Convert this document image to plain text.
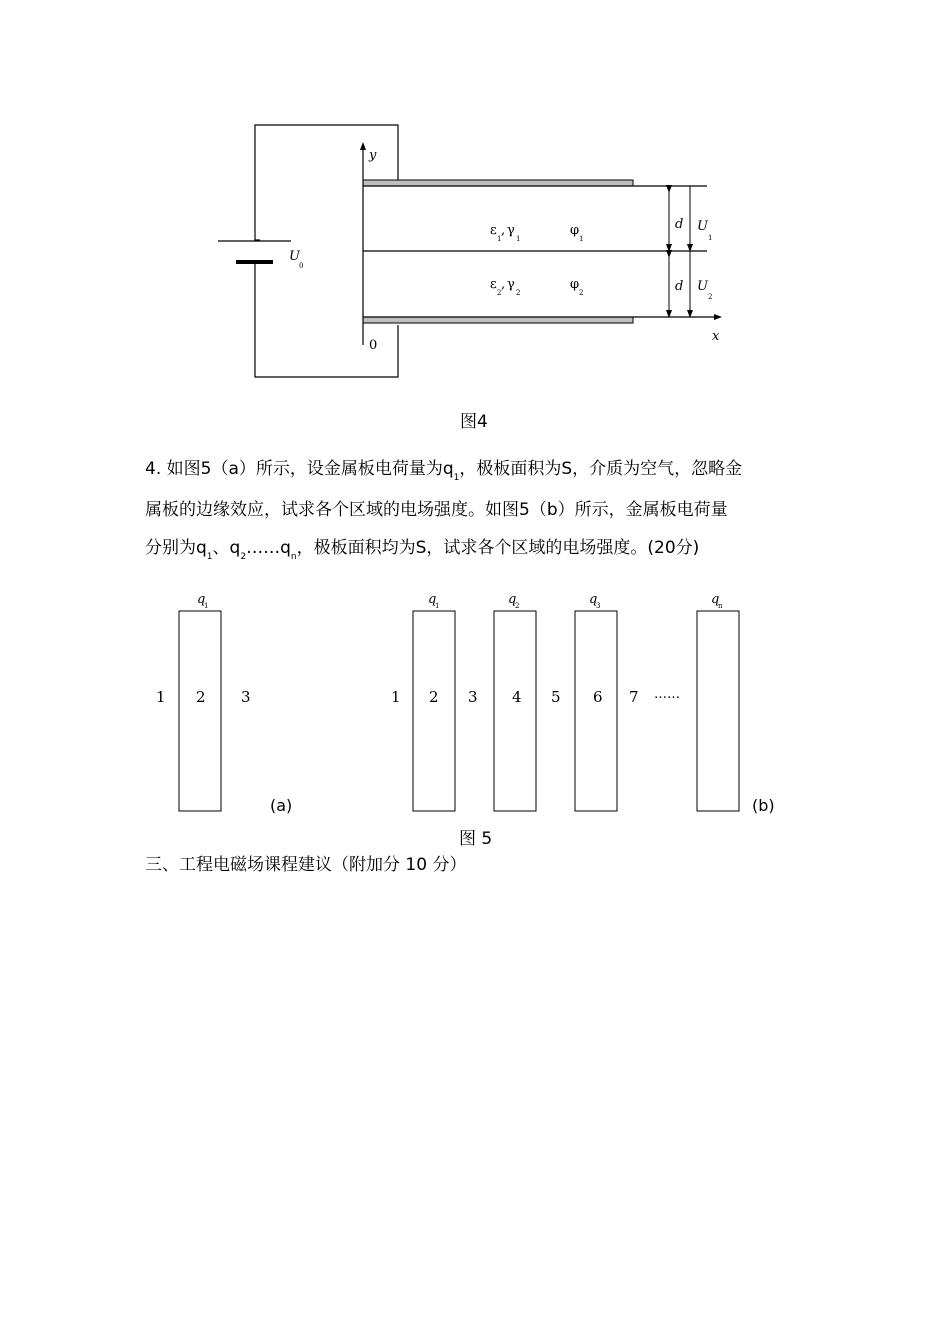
y
x
0
U
0
ε
1
, γ
1
φ
1
ε
2
, γ
2
φ
2
d
d
U
1
U
2
图4
4. 如图5（a）所示，设金属板电荷量为$q_1$，极板面积为S，介质为空气，忽略金
属板的边缘效应，试求各个区域的电场强度。如图5（b）所示，金属板电荷量
分别为$q_1$、$q_2\dots\dots q_n$，极板面积均为S，试求各个区域的电场强度。(20分)
q
1
1 2 3
q
1	q
2	q
3	q
n
1 2 3 4 5 6 7 ……
(a)	(b)
图 5
三、工程电磁场课程建议（附加分 10 分）
